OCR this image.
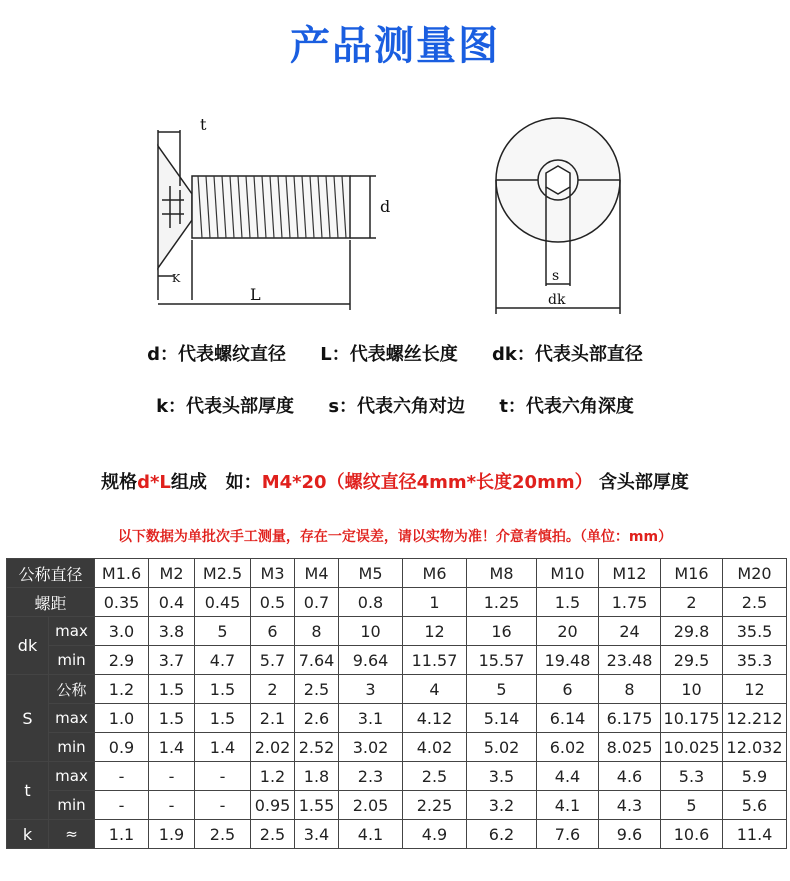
产品测量图
t
d
K
L
s
dk
d：代表螺纹直径 L：代表螺丝长度 dk：代表头部直径
k：代表头部厚度 s：代表六角对边 t：代表六角深度
规格d*L组成   如：M4*20（螺纹直径4mm*长度20mm） 含头部厚度
以下数据为单批次手工测量，存在一定误差，请以实物为准！介意者慎拍。（单位：mm）
公称直径		M1.6	M2	M2.5	M3	M4	M5	M6	M8	M10	M12	M16	M20
螺距		0.35	0.4	0.45	0.5	0.7	0.8	1	1.25	1.5	1.75	2	2.5
dk	max	3.0	3.8	5	6	8	10	12	16	20	24	29.8	35.5
	min	2.9	3.7	4.7	5.7	7.64	9.64	11.57	15.57	19.48	23.48	29.5	35.3
S	公称	1.2	1.5	1.5	2	2.5	3	4	5	6	8	10	12
	max	1.0	1.5	1.5	2.1	2.6	3.1	4.12	5.14	6.14	6.175	10.175	12.212
	min	0.9	1.4	1.4	2.02	2.52	3.02	4.02	5.02	6.02	8.025	10.025	12.032
t	max	-	-	-	1.2	1.8	2.3	2.5	3.5	4.4	4.6	5.3	5.9
	min	-	-	-	0.95	1.55	2.05	2.25	3.2	4.1	4.3	5	5.6
k	≈	1.1	1.9	2.5	2.5	3.4	4.1	4.9	6.2	7.6	9.6	10.6	11.4
